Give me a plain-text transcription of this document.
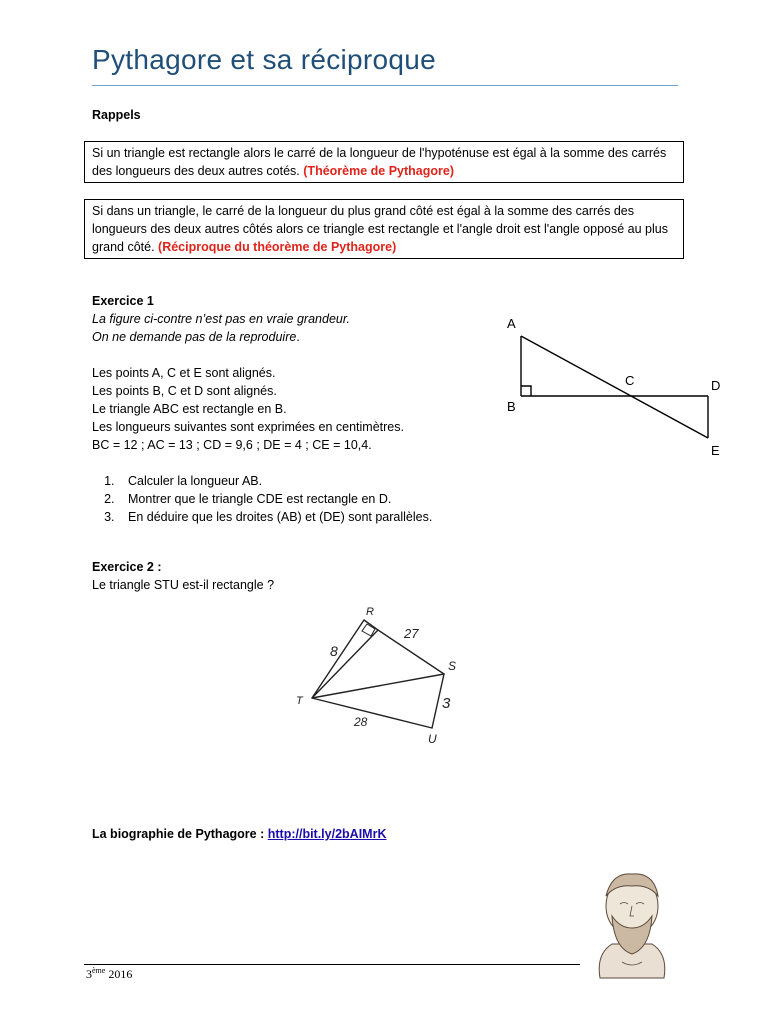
Pythagore et sa réciproque
Rappels
Si un triangle est rectangle alors le carré de la longueur de l'hypoténuse est égal à la somme des carrés des longueurs des deux autres cotés. (Théorème de Pythagore)
Si dans un triangle, le carré de la longueur du plus grand côté est égal à la somme des carrés des longueurs des deux autres côtés alors ce triangle est rectangle et l'angle droit est l'angle opposé au plus grand côté. (Réciproque du théorème de Pythagore)
Exercice 1
La figure ci-contre n’est pas en vraie grandeur.
On ne demande pas de la reproduire.
Les points A, C et E sont alignés.
Les points B, C et D sont alignés.
Le triangle ABC est rectangle en B.
Les longueurs suivantes sont exprimées en centimètres.
BC = 12 ; AC = 13 ; CD = 9,6 ; DE = 4 ; CE = 10,4.
1. Calculer la longueur AB.
2. Montrer que le triangle CDE est rectangle en D.
3. En déduire que les droites (AB) et (DE) sont parallèles.
A
B
C	D
E
Exercice 2 :
Le triangle STU est-il rectangle ?
R
S
T
U
27
8
3
28
La biographie de Pythagore : http://bit.ly/2bAIMrK
3ème 2016
